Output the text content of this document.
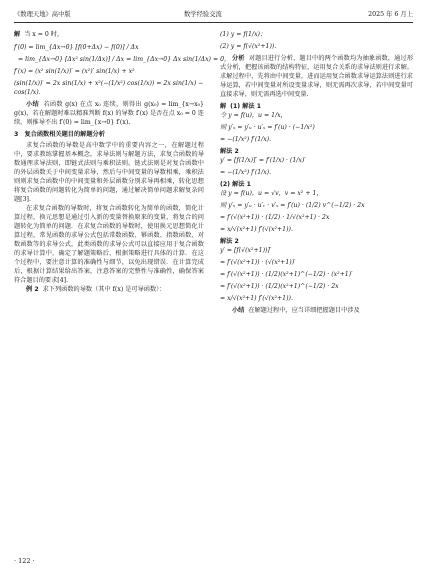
《数理天地》高中版	数学经验交流	2025 年 6 月上

解 当 x = 0 时，

f′(0) = lim_{Δx→0} [f(0+Δx) − f(0)] / Δx
= lim_{Δx→0} [Δx² sin(1/Δx)] / Δx = lim_{Δx→0} Δx sin(1/Δx) = 0，
f′(x) = (x² sin(1/x))′ = (x²)′ sin(1/x) + x²
(sin(1/x))′ = 2x sin(1/x) + x²(−(1/x²) cos(1/x)) = 2x sin(1/x) −
cos(1/x).

小结 若函数 g(x) 在点 x₀ 连续，则得出 g(x₀) = lim_{x→x₀} g(x)，若在解题时难以精准判断 f(x) 的导数 f′(x) 是否在点 x₀ = 0 连续，则推导不出 f′(0) = lim_{x→0} f′(x).

3　复合函数相关题目的解题分析

求复合函数的导数是高中数学中的重要内容之一，在解题过程中，要求教练掌握基本概念，求导法则与解题方法，求复合函数的导数通理求导法则，即链式法则与乘积法则。链式法则是对复合函数中的外层函数关于中间变量求导，然后与中间变量的导数相乘，乘积法则则求复合函数中的中间变量和外层函数分别求导再相乘，转化思想将复合函数的问题转化为简单的问题，通过解决简单问题求解复杂问题[3].

在求复合函数的导数时，将复合函数转化为简单的函数，简化计算过程，换元思想是通过引入新的变量替换原来的变量，将复合的问题转化为简单的问题．在求复合函数的导数时，使用换元思想简化计算过程，常见函数的求导公式包括常数函数、幂函数、指数函数、对数函数等的求导公式，此类函数的求导公式可以直接应用于复合函数的求导计算中，确定了解题策略后，根据策略进行具体的计算．在这个过程中，要注意计算的准确性与细节，以免出现错误．在计算完成后，根据计算结果给出答案，注意答案的完整性与准确性，确保答案符合题目的要求[4].

例 2 求下列函数的导数（其中 f(x) 是可导函数）：

(1) y = f(1/x)；
(2) y = f(√(x²+1)).

分析 对题目进行分析，题目中的两个函数均为抽象函数，通过形式分析，把握该函数的结构特征，运用复合关系的求导法则进行求解。求解过程中，先将由中间变量，进而运用复合函数求导运算法则进行求导运算，若中间变量对所设变量求导，则无需再次求导，若中间变量可直接求导，则无需再选中间变量.

解 (1) 解法 1

令 y = f(u)，u = 1/x，
则 y′ₓ = y′ᵤ · u′ₓ = f′(u) · (−1/x²)
= −(1/x²) f′(1/x).

解法 2

y′ = [f(1/x)]′ = f′(1/x) · (1/x)′
= −(1/x²) f′(1/x).

(2) 解法 1

设 y = f(u)，u = √v，v = x² + 1，
则 y′ₓ = y′ᵤ · u′ᵥ · v′ₓ = f′(u) · (1/2) v^(−1/2) · 2x
= f′(√(x²+1)) · (1/2) · 1/√(x²+1) · 2x
= x/√(x²+1) f′(√(x²+1)).

解法 2

y′ = [f(√(x²+1))]′
= f′(√(x²+1)) · (√(x²+1))′
= f′(√(x²+1)) · (1/2)(x²+1)^(−1/2) · (x²+1)′
= f′(√(x²+1)) · (1/2)(x²+1)^(−1/2) · 2x
= x/√(x²+1) f′(√(x²+1)).

小结 在解题过程中，应当详细把握题目中涉及

· 122 ·
